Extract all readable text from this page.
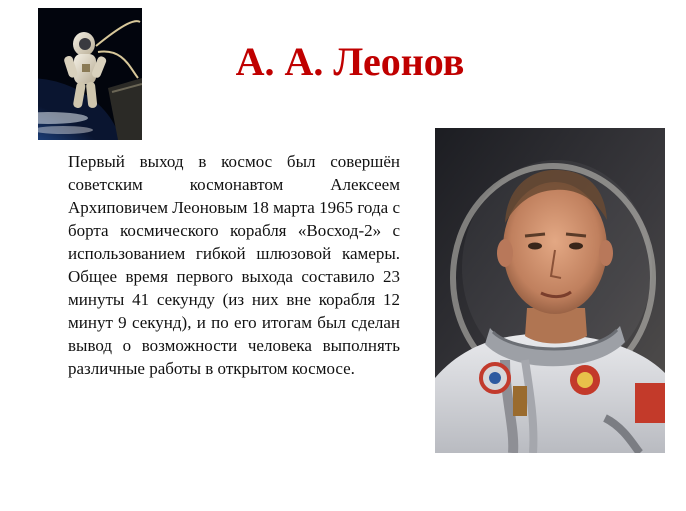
А. А. Леонов
Первый выход в космос был совершён советским космонавтом Алексеем Архиповичем Леоновым 18 марта 1965 года с борта космического корабля «Восход-2» с использованием гибкой шлюзовой камеры. Общее время первого выхода составило 23 минуты 41 секунду (из них вне корабля 12 минут 9 секунд), и по его итогам был сделан вывод о возможности человека выполнять различные работы в открытом космосе.
